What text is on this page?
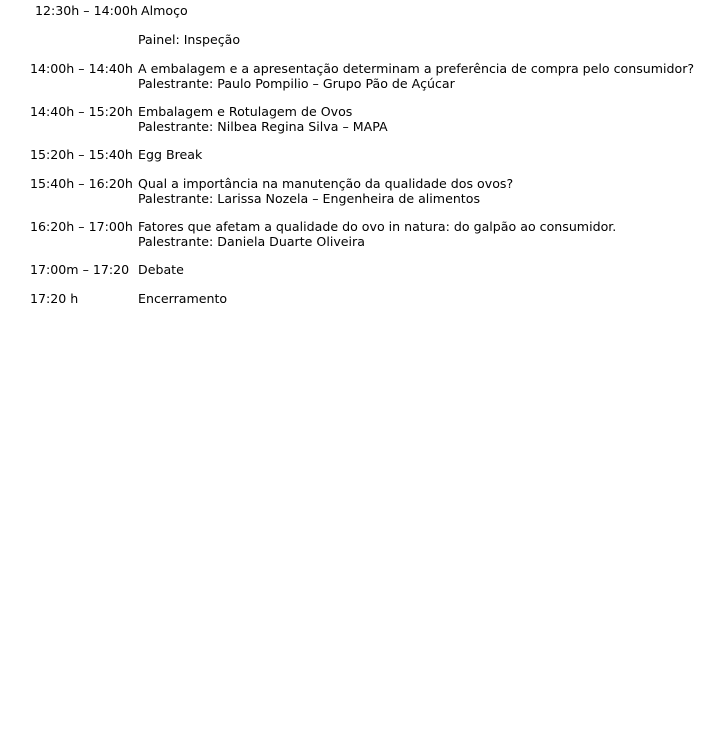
12:30h – 14:00h Almoço
Painel: Inspeção
14:00h – 14:40h A embalagem e a apresentação determinam a preferência de compra pelo consumidor?
Palestrante: Paulo Pompilio – Grupo Pão de Açúcar
14:40h – 15:20h Embalagem e Rotulagem de Ovos
Palestrante: Nilbea Regina Silva – MAPA
15:20h – 15:40h Egg Break
15:40h – 16:20h Qual a importância na manutenção da qualidade dos ovos?
Palestrante: Larissa Nozela – Engenheira de alimentos
16:20h – 17:00h Fatores que afetam a qualidade do ovo in natura: do galpão ao consumidor.
Palestrante: Daniela Duarte Oliveira
17:00m – 17:20 Debate
17:20 h	Encerramento
